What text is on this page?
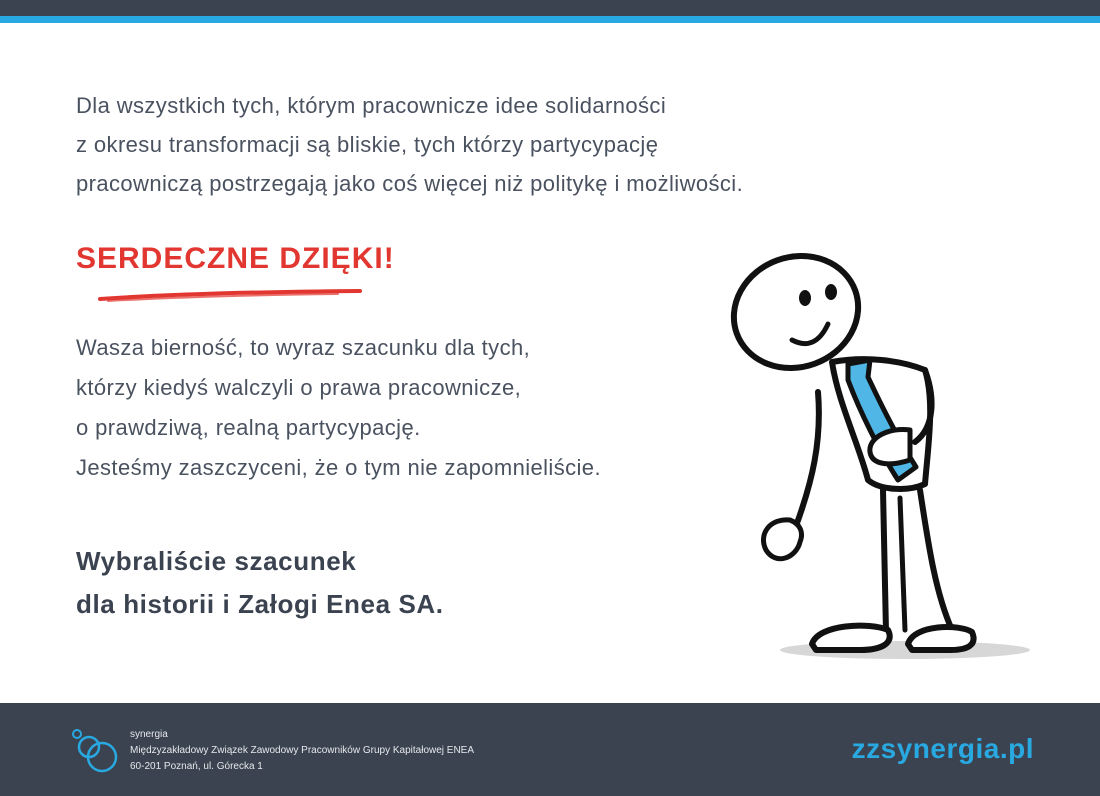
Dla wszystkich tych, którym pracownicze idee solidarności
z okresu transformacji są bliskie, tych którzy partycypację
pracowniczą postrzegają jako coś więcej niż politykę i możliwości.
SERDECZNE DZIĘKI!
Wasza bierność, to wyraz szacunku dla tych,
którzy kiedyś walczyli o prawa pracownicze,
o prawdziwą, realną partycypację.
Jesteśmy zaszczyceni, że o tym nie zapomnieliście.
Wybraliście szacunek
dla historii i Załogi Enea SA.
synergia
Międzyzakładowy Związek Zawodowy Pracowników Grupy Kapitałowej ENEA
60-201 Poznań, ul. Górecka 1
zzsynergia.pl
